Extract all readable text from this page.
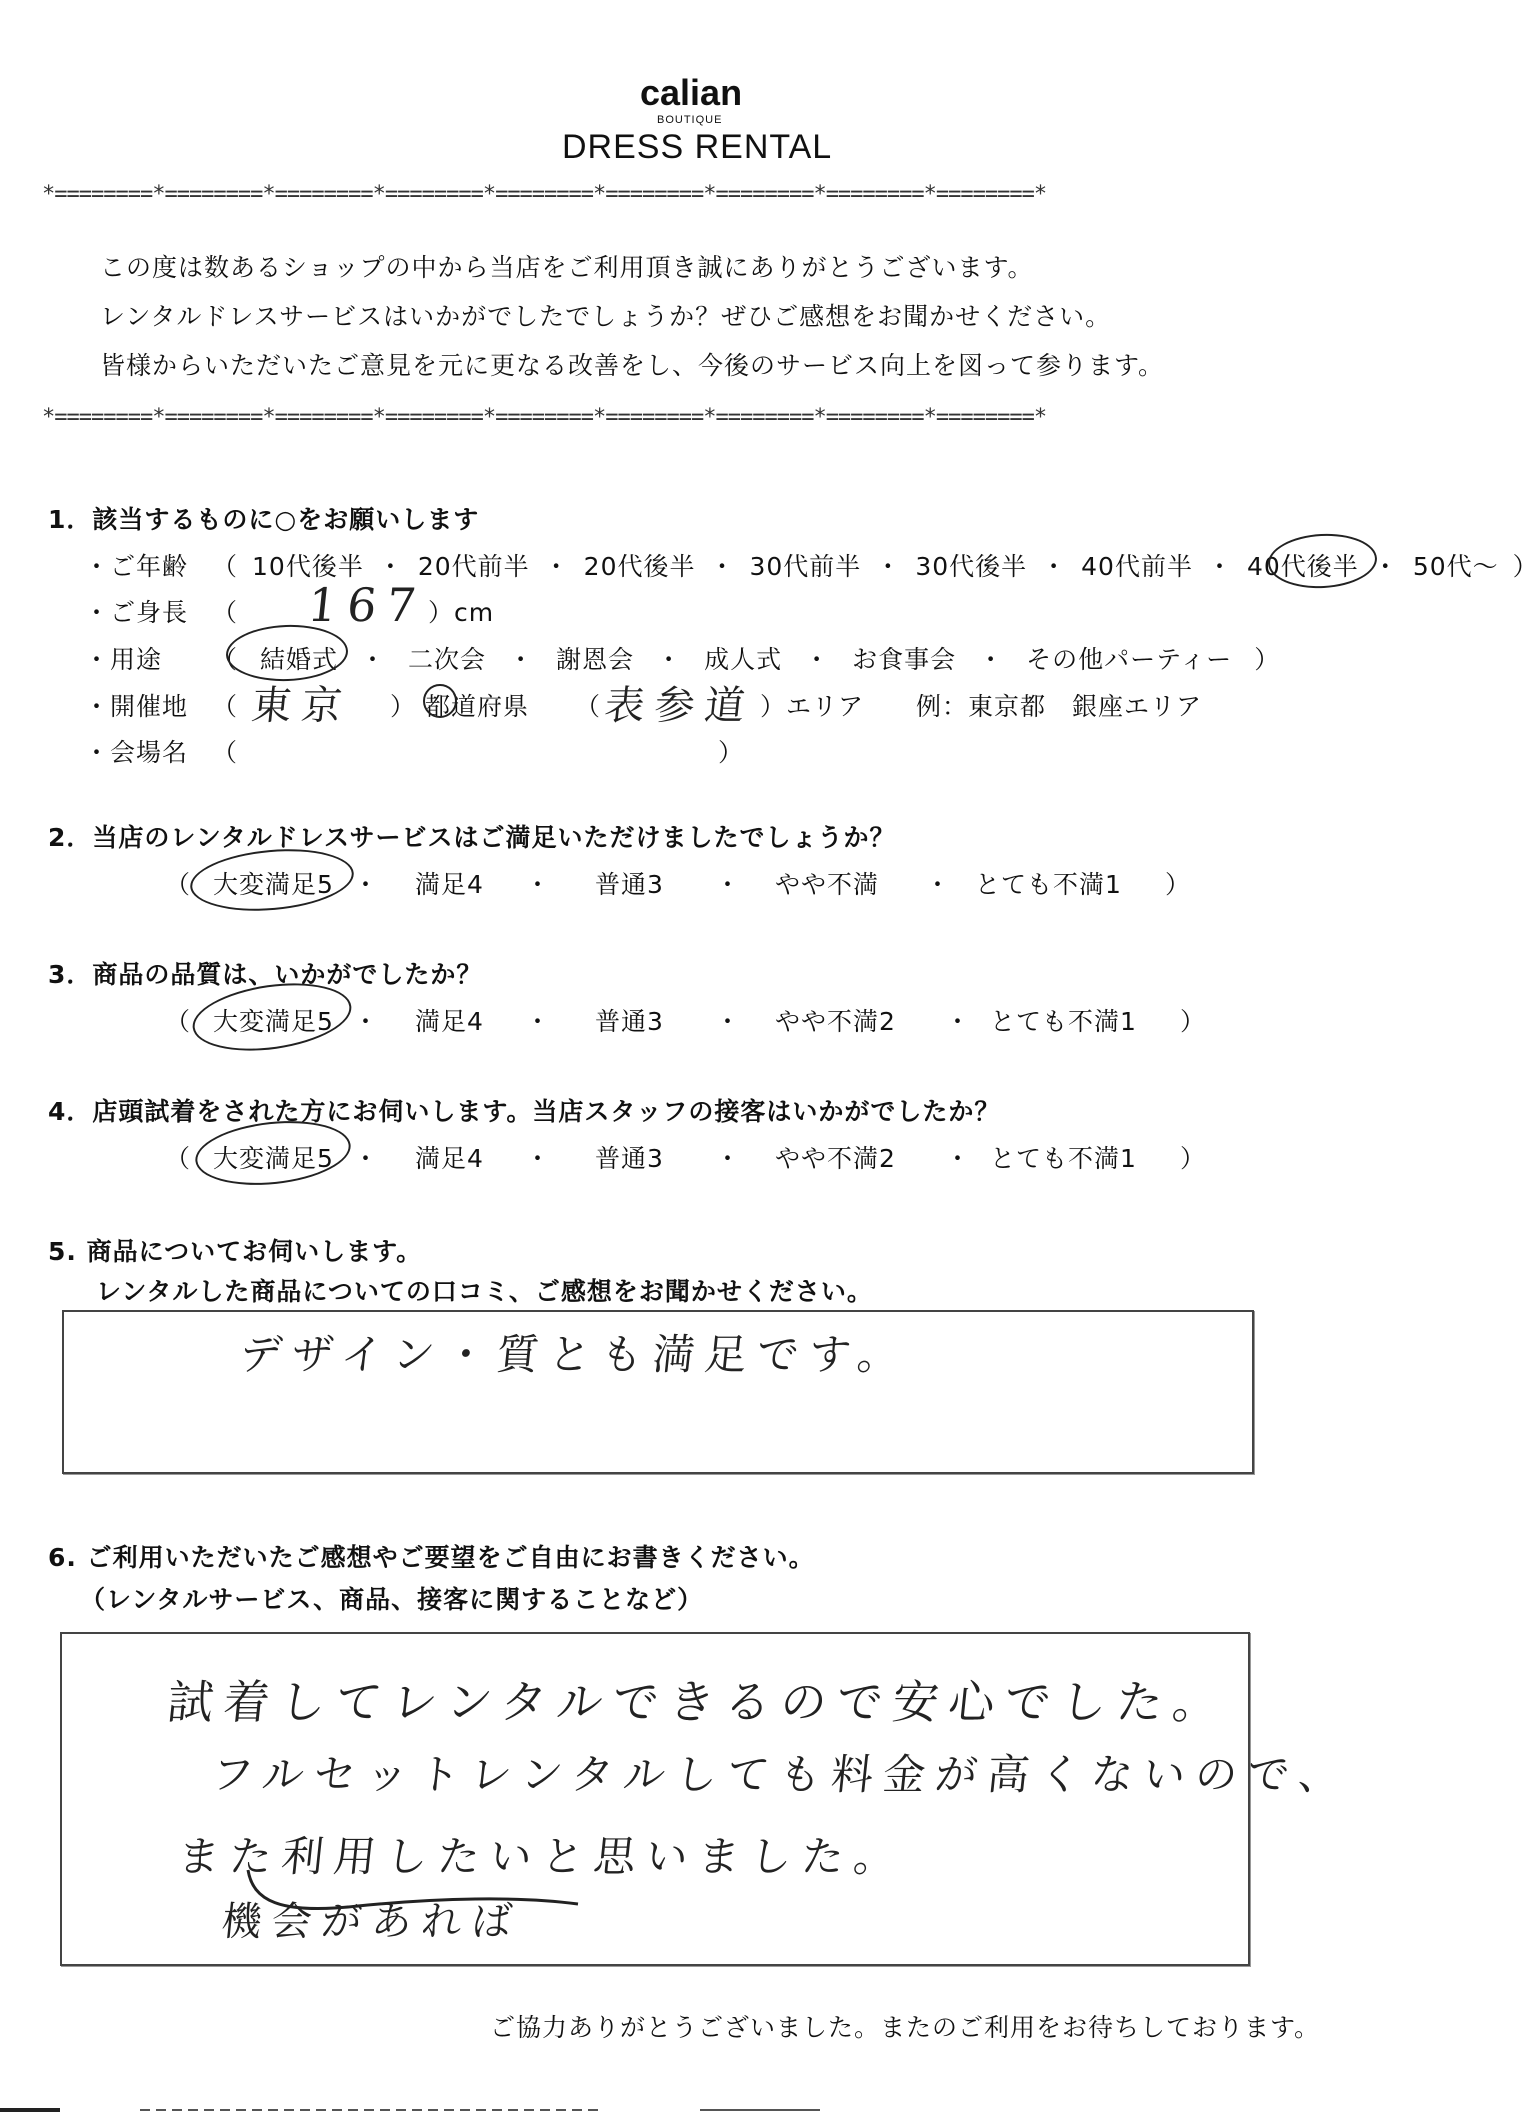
calian
BOUTIQUE
DRESS RENTAL
*========*========*========*========*========*========*========*========*========*
この度は数あるショップの中から当店をご利用頂き誠にありがとうございます。
レンタルドレスサービスはいかがでしたでしょうか？ぜひご感想をお聞かせください。
皆様からいただいたご意見を元に更なる改善をし、今後のサービス向上を図って参ります。
*========*========*========*========*========*========*========*========*========*
1．該当するものに○をお願いします
・ご年齢 （ 10代後半 ・ 20代前半 ・ 20代後半 ・ 30代前半 ・ 30代後半 ・ 40代前半 ・ 40代後半 ・ 50代～ ）
・ご身長 （ 167 ）cm
・用途 （ 結婚式 ・ 二次会 ・ 謝恩会 ・ 成人式 ・ お食事会 ・ その他パーティー ）
・開催地 （ 東京 ） 都道府県 （ 表参道 ）エリア　　例：東京都　銀座エリア
・会場名 （	）
2．当店のレンタルドレスサービスはご満足いただけましたでしょうか？
（ 大変満足5 ・	満足4	・	普通3	・	やや不満	・ とても不満1	）
3．商品の品質は、いかがでしたか？
（ 大変満足5 ・	満足4	・	普通3	・	やや不満2	・ とても不満1	）
4．店頭試着をされた方にお伺いします。当店スタッフの接客はいかがでしたか？
（ 大変満足5 ・	満足4	・	普通3	・	やや不満2	・ とても不満1	）
5. 商品についてお伺いします。
レンタルした商品についての口コミ、ご感想をお聞かせください。
デザイン・質とも満足です。
6. ご利用いただいたご感想やご要望をご自由にお書きください。
（レンタルサービス、商品、接客に関することなど）
試着してレンタルできるので安心でした。
フルセットレンタルしても料金が高くないので、
また利用したいと思いました。
機会があれば
ご協力ありがとうございました。またのご利用をお待ちしております。
